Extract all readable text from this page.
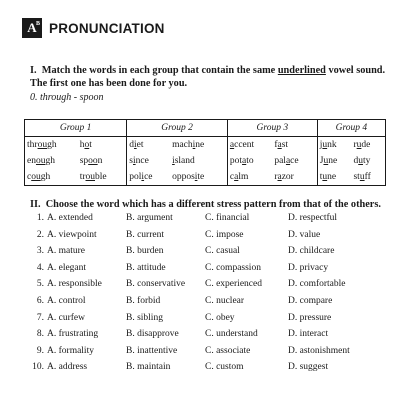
$A^B$ PRONUNCIATION
I. Match the words in each group that contain the same underlined vowel sound. The first one has been done for you.
0. through - spoon
Group 1		Group 2		Group 3		Group 4	
through	hot	diet	machine	accent	fast	junk	rude
enough	spoon	since	island	potato	palace	June	duty
cough	trouble	police	opposite	calm	razor	tune	stuff
II. Choose the word which has a different stress pattern from that of the others.
1. A. extended	B. argument	C. financial	D. respectful
2. A. viewpoint	B. current	C. impose	D. value
3. A. mature	B. burden	C. casual	D. childcare
4. A. elegant	B. attitude	C. compassion	D. privacy
5. A. responsible	B. conservative C. experienced	D. comfortable
6. A. control	B. forbid	C. nuclear	D. compare
7. A. curfew	B. sibling	C. obey	D. pressure
8. A. frustrating	B. disapprove	C. understand	D. interact
9. A. formality	B. inattentive	C. associate	D. astonishment
10. A. address	B. maintain	C. custom	D. suggest
